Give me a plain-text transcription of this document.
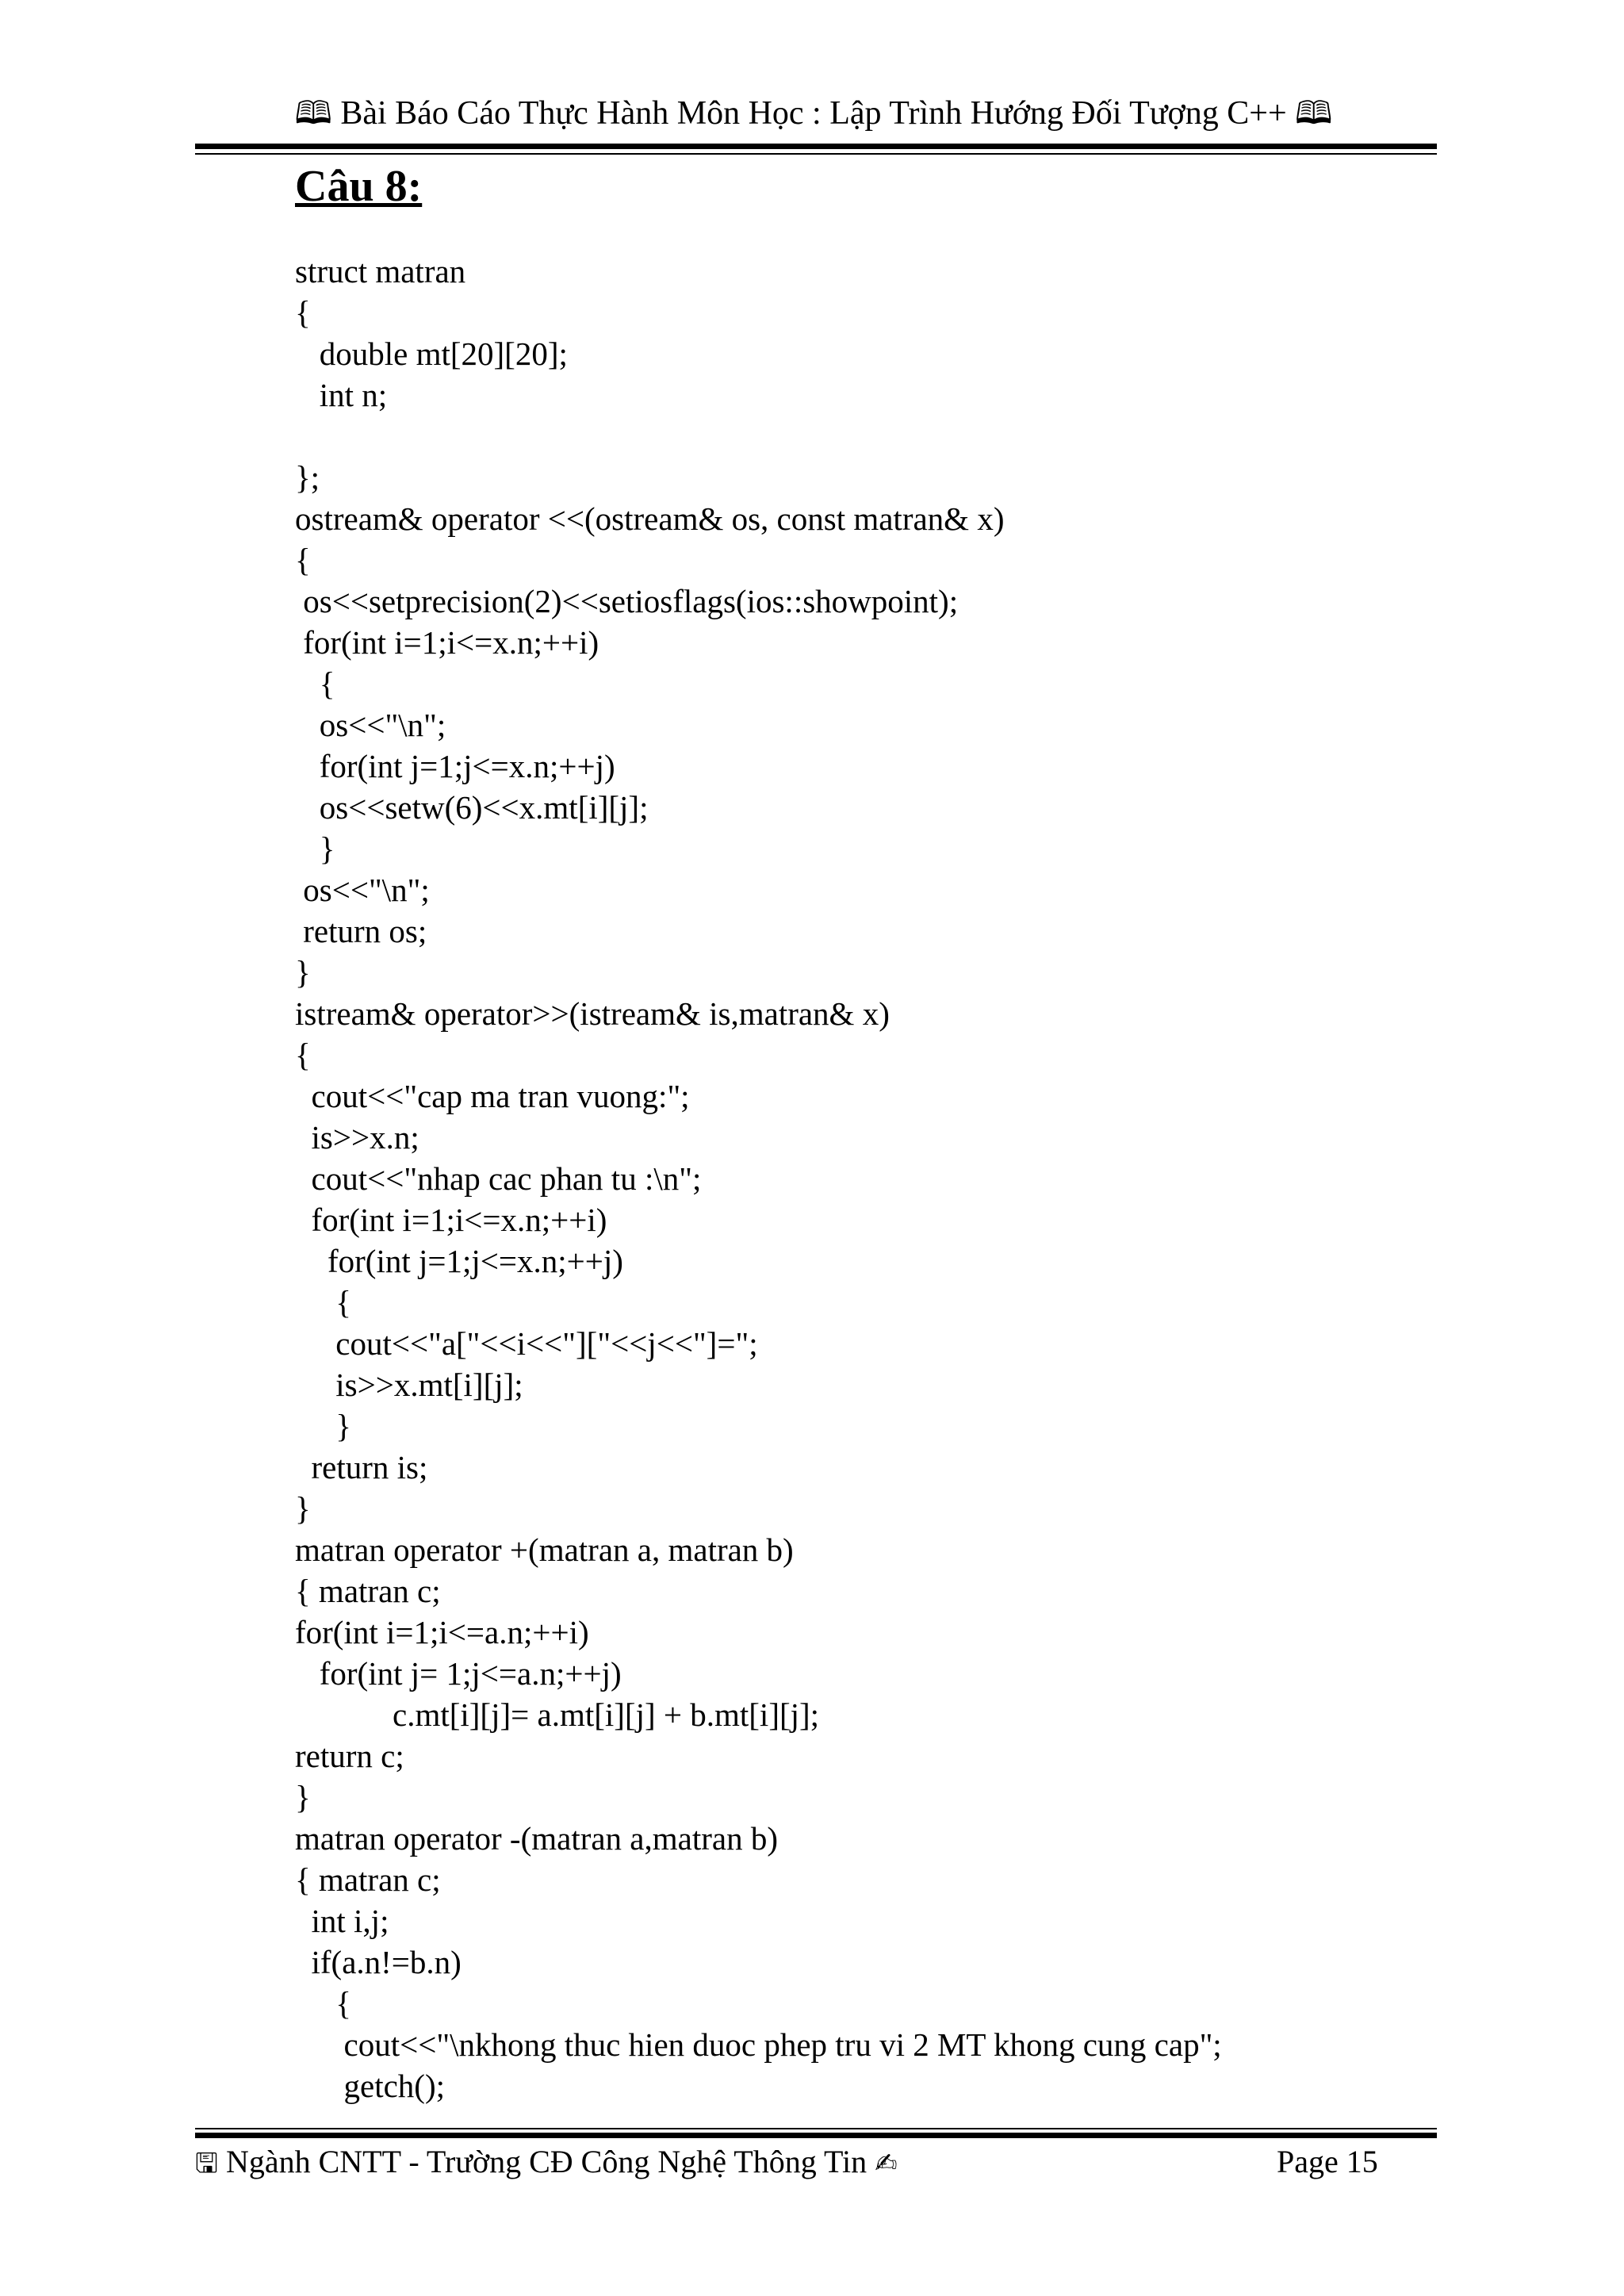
🕮 Bài Báo Cáo Thực Hành Môn Học : Lập Trình Hướng Đối Tượng C++ 🕮
Câu 8:
struct matran
{
double mt[20][20];
int n;
};
ostream& operator <<(ostream& os, const matran& x)
{
os<<setprecision(2)<<setiosflags(ios::showpoint);
for(int i=1;i<=x.n;++i)
{
os<<"\n";
for(int j=1;j<=x.n;++j)
os<<setw(6)<<x.mt[i][j];
}
os<<"\n";
return os;
}
istream& operator>>(istream& is,matran& x)
{
cout<<"cap ma tran vuong:";
is>>x.n;
cout<<"nhap cac phan tu :\n";
for(int i=1;i<=x.n;++i)
for(int j=1;j<=x.n;++j)
{
cout<<"a["<<i<<"]["<<j<<"]=";
is>>x.mt[i][j];
}
return is;
}
matran operator +(matran a, matran b)
{ matran c;
for(int i=1;i<=a.n;++i)
for(int j= 1;j<=a.n;++j)
c.mt[i][j]= a.mt[i][j] + b.mt[i][j];
return c;
}
matran operator -(matran a,matran b)
{ matran c;
int i,j;
if(a.n!=b.n)
{
cout<<"\nkhong thuc hien duoc phep tru vi 2 MT khong cung cap";
getch();
🖫 Ngành CNTT - Trường CĐ Công Nghệ Thông Tin ✍	Page 15
